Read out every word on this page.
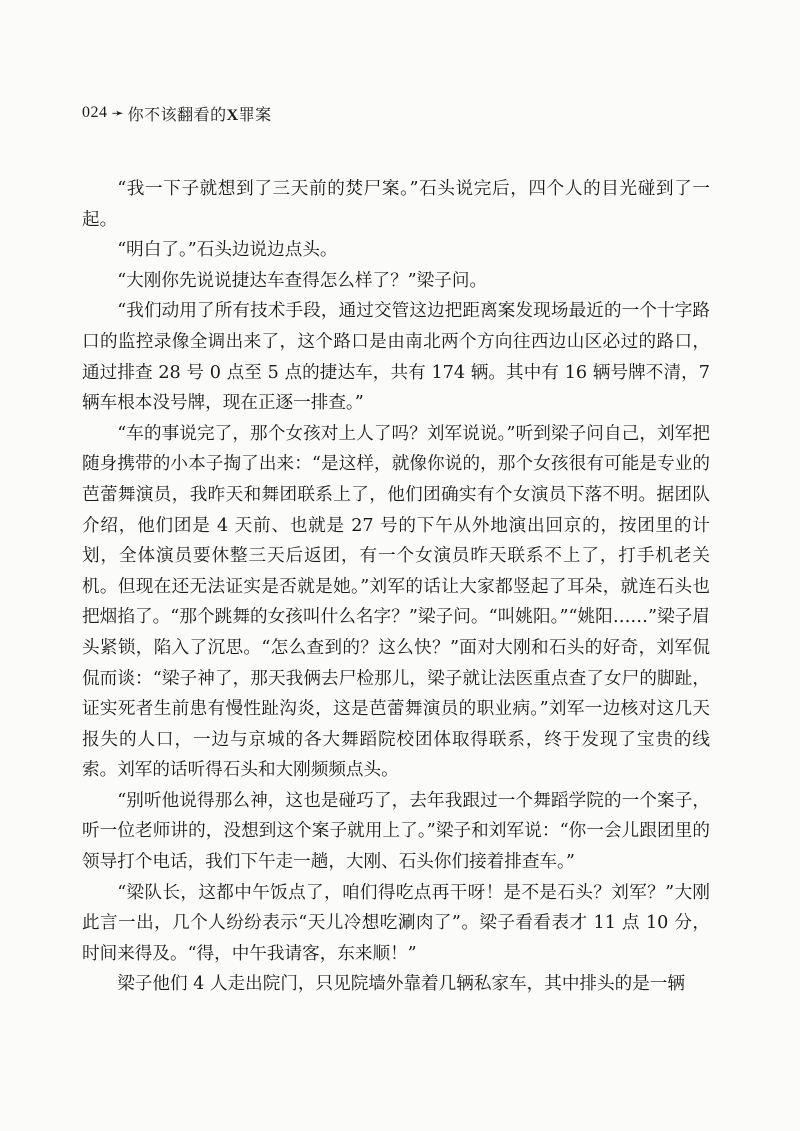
024 ➛ 你不该翻看的X罪案

“我一下子就想到了三天前的焚尸案。”石头说完后，四个人的目光碰到了一起。

“明白了。”石头边说边点头。

“大刚你先说说捷达车查得怎么样了？”梁子问。

“我们动用了所有技术手段，通过交管这边把距离案发现场最近的一个十字路口的监控录像全调出来了，这个路口是由南北两个方向往西边山区必过的路口，通过排查 28 号 0 点至 5 点的捷达车，共有 174 辆。其中有 16 辆号牌不清，7 辆车根本没号牌，现在正逐一排查。”

“车的事说完了，那个女孩对上人了吗？刘军说说。”听到梁子问自己，刘军把随身携带的小本子掏了出来：“是这样，就像你说的，那个女孩很有可能是专业的芭蕾舞演员，我昨天和舞团联系上了，他们团确实有个女演员下落不明。据团队介绍，他们团是 4 天前、也就是 27 号的下午从外地演出回京的，按团里的计划，全体演员要休整三天后返团，有一个女演员昨天联系不上了，打手机老关机。但现在还无法证实是否就是她。”刘军的话让大家都竖起了耳朵，就连石头也把烟掐了。“那个跳舞的女孩叫什么名字？”梁子问。“叫姚阳。”“姚阳……”梁子眉头紧锁，陷入了沉思。“怎么查到的？这么快？”面对大刚和石头的好奇，刘军侃侃而谈：“梁子神了，那天我俩去尸检那儿，梁子就让法医重点查了女尸的脚趾，证实死者生前患有慢性趾沟炎，这是芭蕾舞演员的职业病。”刘军一边核对这几天报失的人口，一边与京城的各大舞蹈院校团体取得联系，终于发现了宝贵的线索。刘军的话听得石头和大刚频频点头。

“别听他说得那么神，这也是碰巧了，去年我跟过一个舞蹈学院的一个案子，听一位老师讲的，没想到这个案子就用上了。”梁子和刘军说：“你一会儿跟团里的领导打个电话，我们下午走一趟，大刚、石头你们接着排查车。”

“梁队长，这都中午饭点了，咱们得吃点再干呀！是不是石头？刘军？”大刚此言一出，几个人纷纷表示“天儿冷想吃涮肉了”。梁子看看表才 11 点 10 分，时间来得及。“得，中午我请客，东来顺！”

梁子他们 4 人走出院门，只见院墙外靠着几辆私家车，其中排头的是一辆
